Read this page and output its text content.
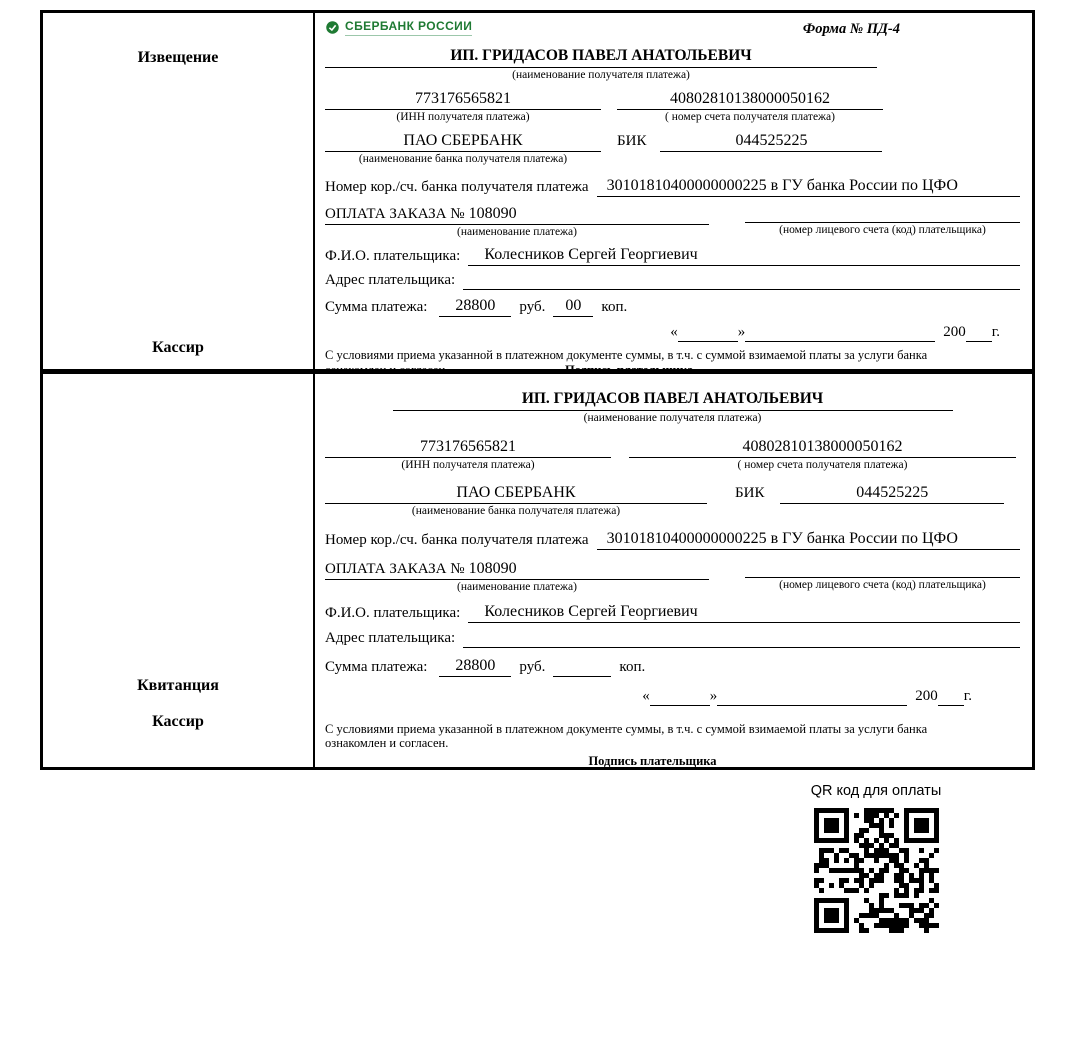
Извещение
Кассир
СБЕРБАНК РОССИИ	Форма № ПД-4
ИП. ГРИДАСОВ ПАВЕЛ АНАТОЛЬЕВИЧ
(наименование получателя платежа)
773176565821
(ИНН получателя платежа)
40802810138000050162
( номер счета получателя платежа)
ПАО СБЕРБАНК
(наименование банка получателя платежа)
БИК	044525225
Номер кор./сч. банка получателя платежа	30101810400000000225 в ГУ банка России по ЦФО
ОПЛАТА ЗАКАЗА № 108090
(наименование платежа)	(номер лицевого счета (код) плательщика)
Ф.И.О. плательщика:	Колесников Сергей Георгиевич
Адрес плательщика:
Сумма платежа:	28800	руб.	00	коп.
«	»	200 г.
С условиями приема указанной в платежном документе суммы, в т.ч. с суммой взимаемой платы за услуги банка
Квитанция
Кассир
ИП. ГРИДАСОВ ПАВЕЛ АНАТОЛЬЕВИЧ
(наименование получателя платежа)
773176565821
(ИНН получателя платежа)
40802810138000050162
( номер счета получателя платежа)
ПАО СБЕРБАНК
(наименование банка получателя платежа)
БИК	044525225
Номер кор./сч. банка получателя платежа	30101810400000000225 в ГУ банка России по ЦФО
ОПЛАТА ЗАКАЗА № 108090
(наименование платежа)	(номер лицевого счета (код) плательщика)
Ф.И.О. плательщика:	Колесников Сергей Георгиевич
Адрес плательщика:
Сумма платежа:	28800	руб.	коп.
«	»	200 г.
С условиями приема указанной в платежном документе суммы, в т.ч. с суммой взимаемой платы за услуги банка
ознакомлен и согласен.
Подпись плательщика
QR код для оплаты
